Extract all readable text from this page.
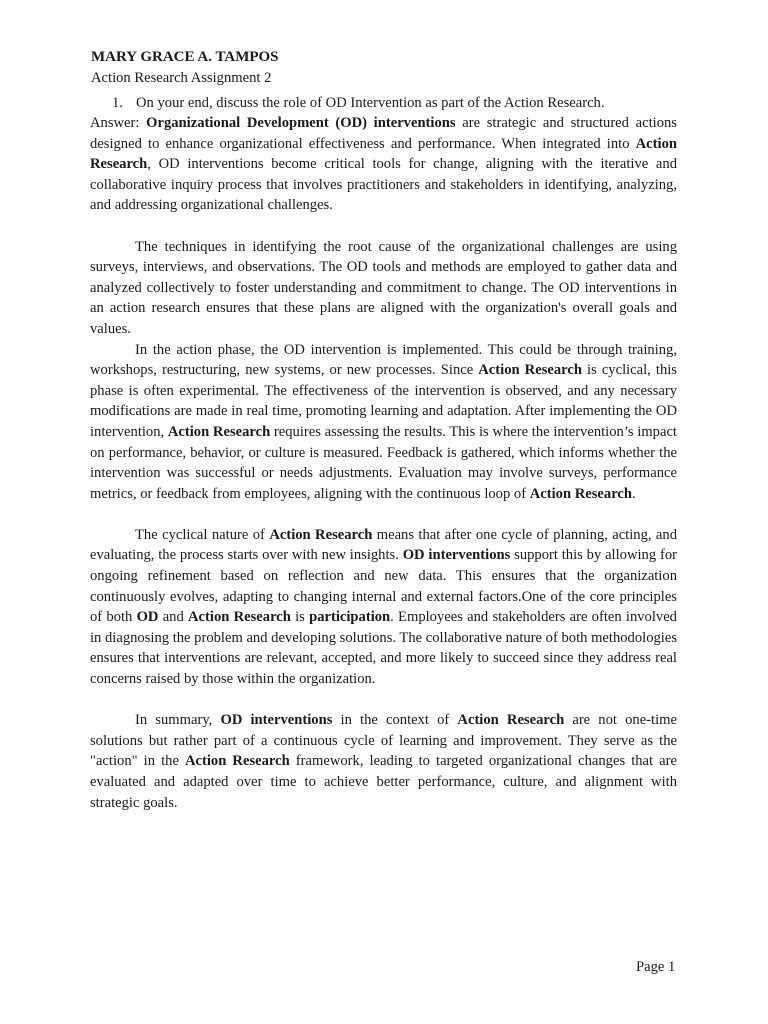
MARY GRACE A. TAMPOS
Action Research Assignment 2
1. On your end, discuss the role of OD Intervention as part of the Action Research.

Answer: Organizational Development (OD) interventions are strategic and structured actions designed to enhance organizational effectiveness and performance. When integrated into Action Research, OD interventions become critical tools for change, aligning with the iterative and collaborative inquiry process that involves practitioners and stakeholders in identifying, analyzing, and addressing organizational challenges.

The techniques in identifying the root cause of the organizational challenges are using surveys, interviews, and observations. The OD tools and methods are employed to gather data and analyzed collectively to foster understanding and commitment to change. The OD interventions in an action research ensures that these plans are aligned with the organization's overall goals and values.

In the action phase, the OD intervention is implemented. This could be through training, workshops, restructuring, new systems, or new processes. Since Action Research is cyclical, this phase is often experimental. The effectiveness of the intervention is observed, and any necessary modifications are made in real time, promoting learning and adaptation. After implementing the OD intervention, Action Research requires assessing the results. This is where the intervention’s impact on performance, behavior, or culture is measured. Feedback is gathered, which informs whether the intervention was successful or needs adjustments. Evaluation may involve surveys, performance metrics, or feedback from employees, aligning with the continuous loop of Action Research.

The cyclical nature of Action Research means that after one cycle of planning, acting, and evaluating, the process starts over with new insights. OD interventions support this by allowing for ongoing refinement based on reflection and new data. This ensures that the organization continuously evolves, adapting to changing internal and external factors.One of the core principles of both OD and Action Research is participation. Employees and stakeholders are often involved in diagnosing the problem and developing solutions. The collaborative nature of both methodologies ensures that interventions are relevant, accepted, and more likely to succeed since they address real concerns raised by those within the organization.

In summary, OD interventions in the context of Action Research are not one-time solutions but rather part of a continuous cycle of learning and improvement. They serve as the "action" in the Action Research framework, leading to targeted organizational changes that are evaluated and adapted over time to achieve better performance, culture, and alignment with strategic goals.

Page 1
